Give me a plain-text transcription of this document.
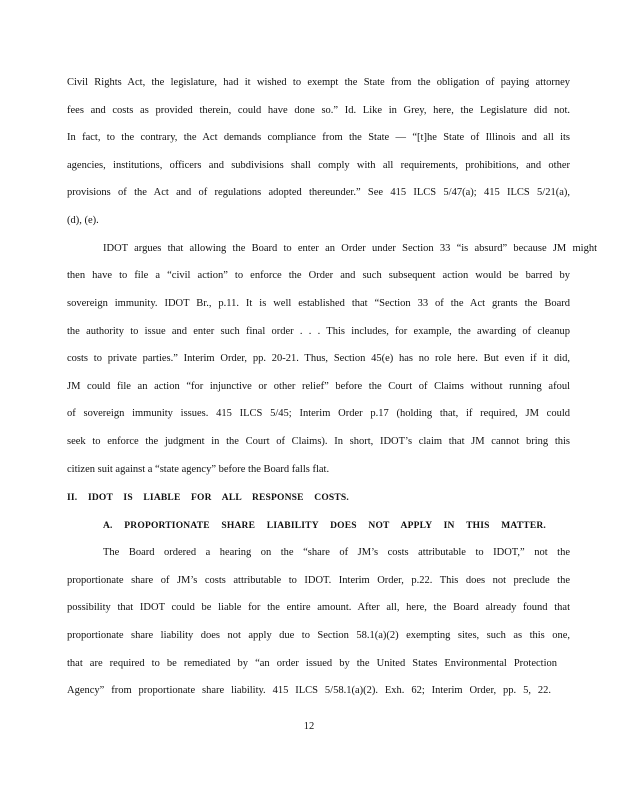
Civil Rights Act, the legislature, had it wished to exempt the State from the obligation of paying attorney
fees and costs as provided therein, could have done so.” Id. Like in Grey, here, the Legislature did not.
In fact, to the contrary, the Act demands compliance from the State — “[t]he State of Illinois and all its
agencies, institutions, officers and subdivisions shall comply with all requirements, prohibitions, and other
provisions of the Act and of regulations adopted thereunder.” See 415 ILCS 5/47(a); 415 ILCS 5/21(a),
(d), (e).
IDOT argues that allowing the Board to enter an Order under Section 33 “is absurd” because JM might
then have to file a “civil action” to enforce the Order and such subsequent action would be barred by
sovereign immunity. IDOT Br., p.11. It is well established that “Section 33 of the Act grants the Board
the authority to issue and enter such final order . . . This includes, for example, the awarding of cleanup
costs to private parties.” Interim Order, pp. 20-21. Thus, Section 45(e) has no role here. But even if it did,
JM could file an action “for injunctive or other relief” before the Court of Claims without running afoul
of sovereign immunity issues. 415 ILCS 5/45; Interim Order p.17 (holding that, if required, JM could
seek to enforce the judgment in the Court of Claims). In short, IDOT’s claim that JM cannot bring this
citizen suit against a “state agency” before the Board falls flat.
II. IDOT IS LIABLE FOR ALL RESPONSE COSTS.
A. PROPORTIONATE SHARE LIABILITY DOES NOT APPLY IN THIS MATTER.
The Board ordered a hearing on the “share of JM’s costs attributable to IDOT,” not the
proportionate share of JM’s costs attributable to IDOT. Interim Order, p.22. This does not preclude the
possibility that IDOT could be liable for the entire amount. After all, here, the Board already found that
proportionate share liability does not apply due to Section 58.1(a)(2) exempting sites, such as this one,
that are required to be remediated by “an order issued by the United States Environmental Protection
Agency” from proportionate share liability. 415 ILCS 5/58.1(a)(2). Exh. 62; Interim Order, pp. 5, 22.
12
